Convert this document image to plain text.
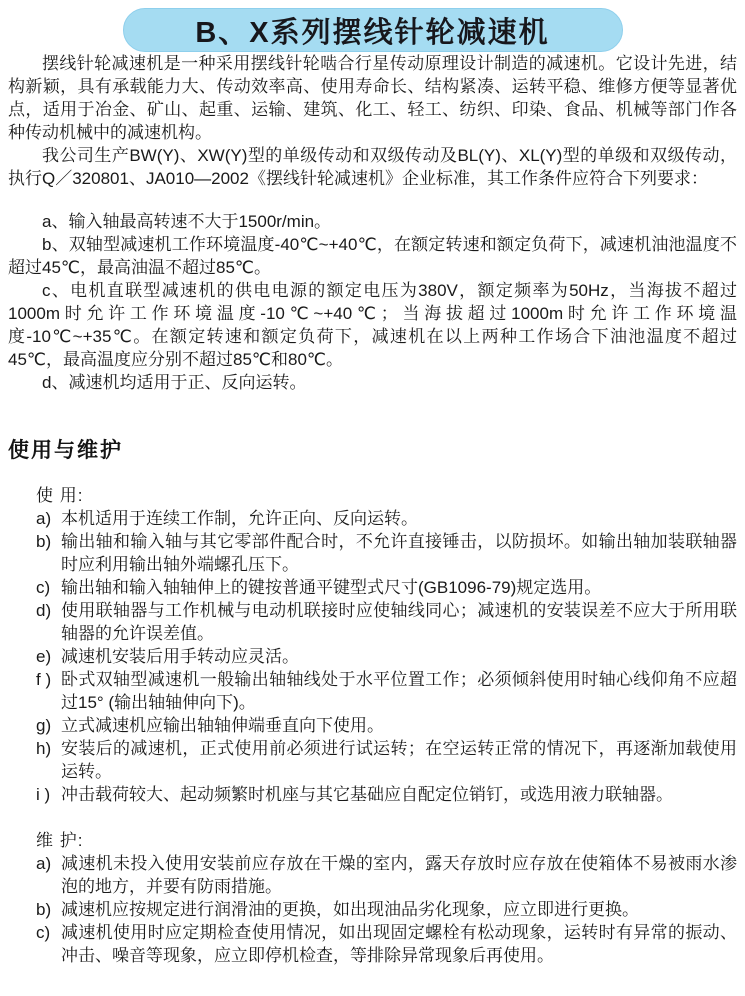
B、X系列摆线针轮减速机

摆线针轮减速机是一种采用摆线针轮啮合行星传动原理设计制造的减速机。它设计先进，结构新颖，具有承载能力大、传动效率高、使用寿命长、结构紧凑、运转平稳、维修方便等显著优点，适用于冶金、矿山、起重、运输、建筑、化工、轻工、纺织、印染、食品、机械等部门作各种传动机械中的减速机构。

我公司生产BW(Y)、XW(Y)型的单级传动和双级传动及BL(Y)、XL(Y)型的单级和双级传动，执行Q／320801、JA010—2002《摆线针轮减速机》企业标准，其工作条件应符合下列要求：

a、输入轴最高转速不大于1500r/min。

b、双轴型减速机工作环境温度-40℃~+40℃，在额定转速和额定负荷下，减速机油池温度不超过45℃，最高油温不超过85℃。

c、电机直联型减速机的供电电源的额定电压为380V，额定频率为50Hz，当海拔不超过1000m时允许工作环境温度-10℃~+40℃；当海拔超过1000m时允许工作环境温度-10℃~+35℃。在额定转速和额定负荷下，减速机在以上两种工作场合下油池温度不超过45℃，最高温度应分别不超过85℃和80℃。

d、减速机均适用于正、反向运转。

使用与维护
使 用:
a) 本机适用于连续工作制，允许正向、反向运转。
b) 输出轴和输入轴与其它零部件配合时，不允许直接锤击，以防损坏。如输出轴加装联轴器时应利用输出轴外端螺孔压下。
c) 输出轴和输入轴轴伸上的键按普通平键型式尺寸(GB1096-79)规定选用。
d) 使用联轴器与工作机械与电动机联接时应使轴线同心；减速机的安装误差不应大于所用联轴器的允许误差值。
e) 减速机安装后用手转动应灵活。
f ) 卧式双轴型减速机一般输出轴轴线处于水平位置工作；必须倾斜使用时轴心线仰角不应超过15° (输出轴轴伸向下)。
g) 立式减速机应输出轴轴伸端垂直向下使用。
h) 安装后的减速机，正式使用前必须进行试运转；在空运转正常的情况下，再逐渐加载使用运转。
i ) 冲击载荷较大、起动频繁时机座与其它基础应自配定位销钉，或选用液力联轴器。
维 护:
a) 减速机未投入使用安装前应存放在干燥的室内，露天存放时应存放在使箱体不易被雨水渗泡的地方，并要有防雨措施。
b) 减速机应按规定进行润滑油的更换，如出现油品劣化现象，应立即进行更换。
c) 减速机使用时应定期检查使用情况，如出现固定螺栓有松动现象，运转时有异常的振动、冲击、噪音等现象，应立即停机检查，等排除异常现象后再使用。
